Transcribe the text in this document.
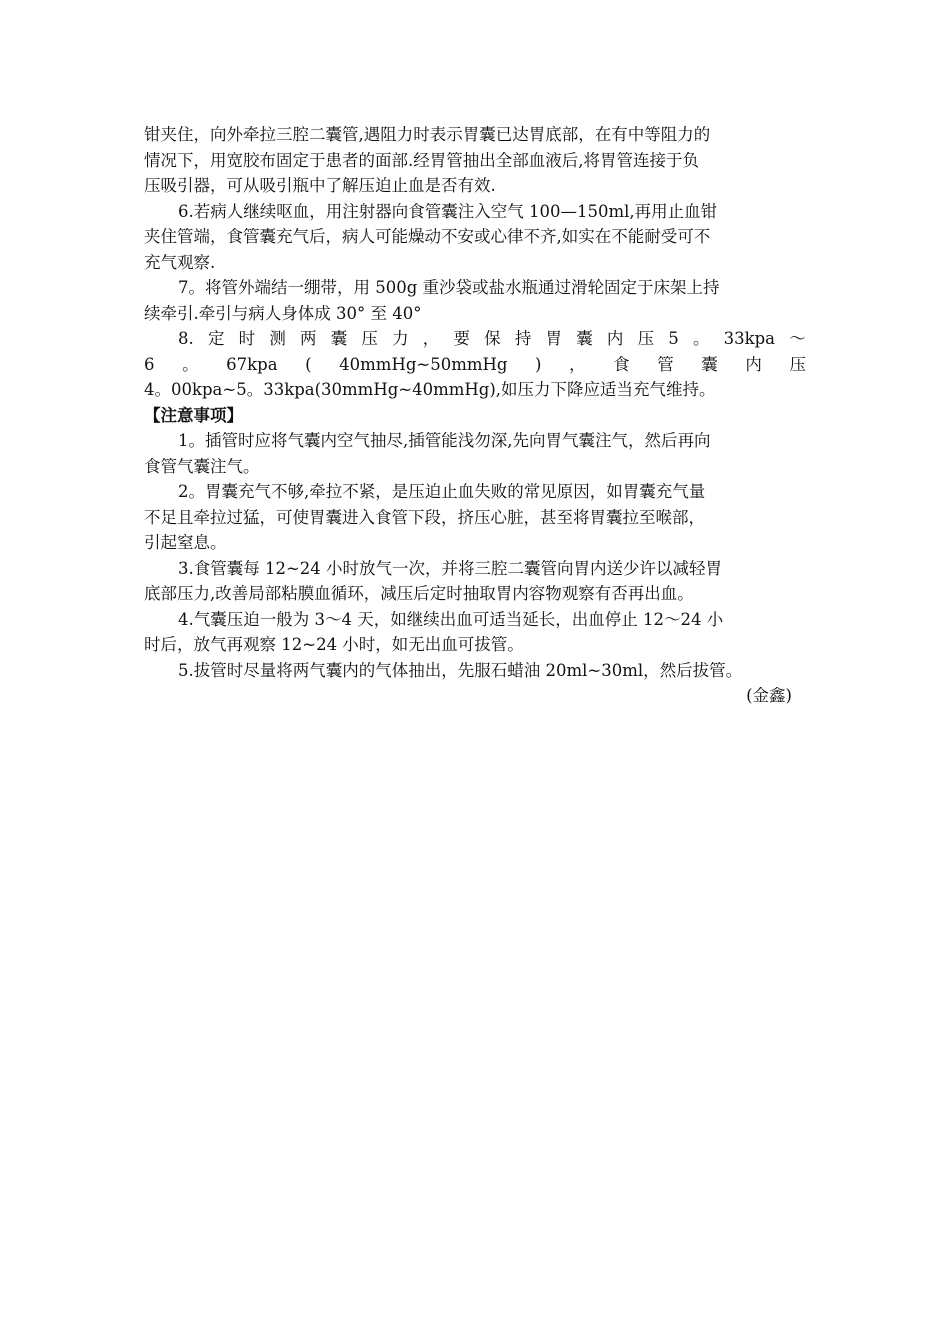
钳夹住，向外牵拉三腔二囊管,遇阻力时表示胃囊已达胃底部，在有中等阻力的
情况下，用宽胶布固定于患者的面部.经胃管抽出全部血液后,将胃管连接于负
压吸引器，可从吸引瓶中了解压迫止血是否有效.

6.若病人继续呕血，用注射器向食管囊注入空气 100—150ml,再用止血钳
夹住管端，食管囊充气后，病人可能燥动不安或心律不齐,如实在不能耐受可不
充气观察.

7。将管外端结一绷带，用 500g 重沙袋或盐水瓶通过滑轮固定于床架上持
续牵引.牵引与病人身体成 30° 至 40°

8. 定 时 测 两 囊 压 力 ， 要 保 持 胃 囊 内 压 5 。 33kpa ～
6 。 67kpa ( 40mmHg~50mmHg ) ， 食 管 囊 内 压
4。00kpa~5。33kpa(30mmHg~40mmHg),如压力下降应适当充气维持。

【注意事项】

1。插管时应将气囊内空气抽尽,插管能浅勿深,先向胃气囊注气，然后再向
食管气囊注气。

2。胃囊充气不够,牵拉不紧，是压迫止血失败的常见原因，如胃囊充气量
不足且牵拉过猛，可使胃囊进入食管下段，挤压心脏，甚至将胃囊拉至喉部，
引起窒息。

3.食管囊每 12~24 小时放气一次，并将三腔二囊管向胃内送少许以减轻胃
底部压力,改善局部粘膜血循环，减压后定时抽取胃内容物观察有否再出血。

4.气囊压迫一般为 3～4 天，如继续出血可适当延长，出血停止 12～24 小
时后，放气再观察 12~24 小时，如无出血可拔管。

5.拔管时尽量将两气囊内的气体抽出，先服石蜡油 20ml~30ml，然后拔管。

(金鑫)
